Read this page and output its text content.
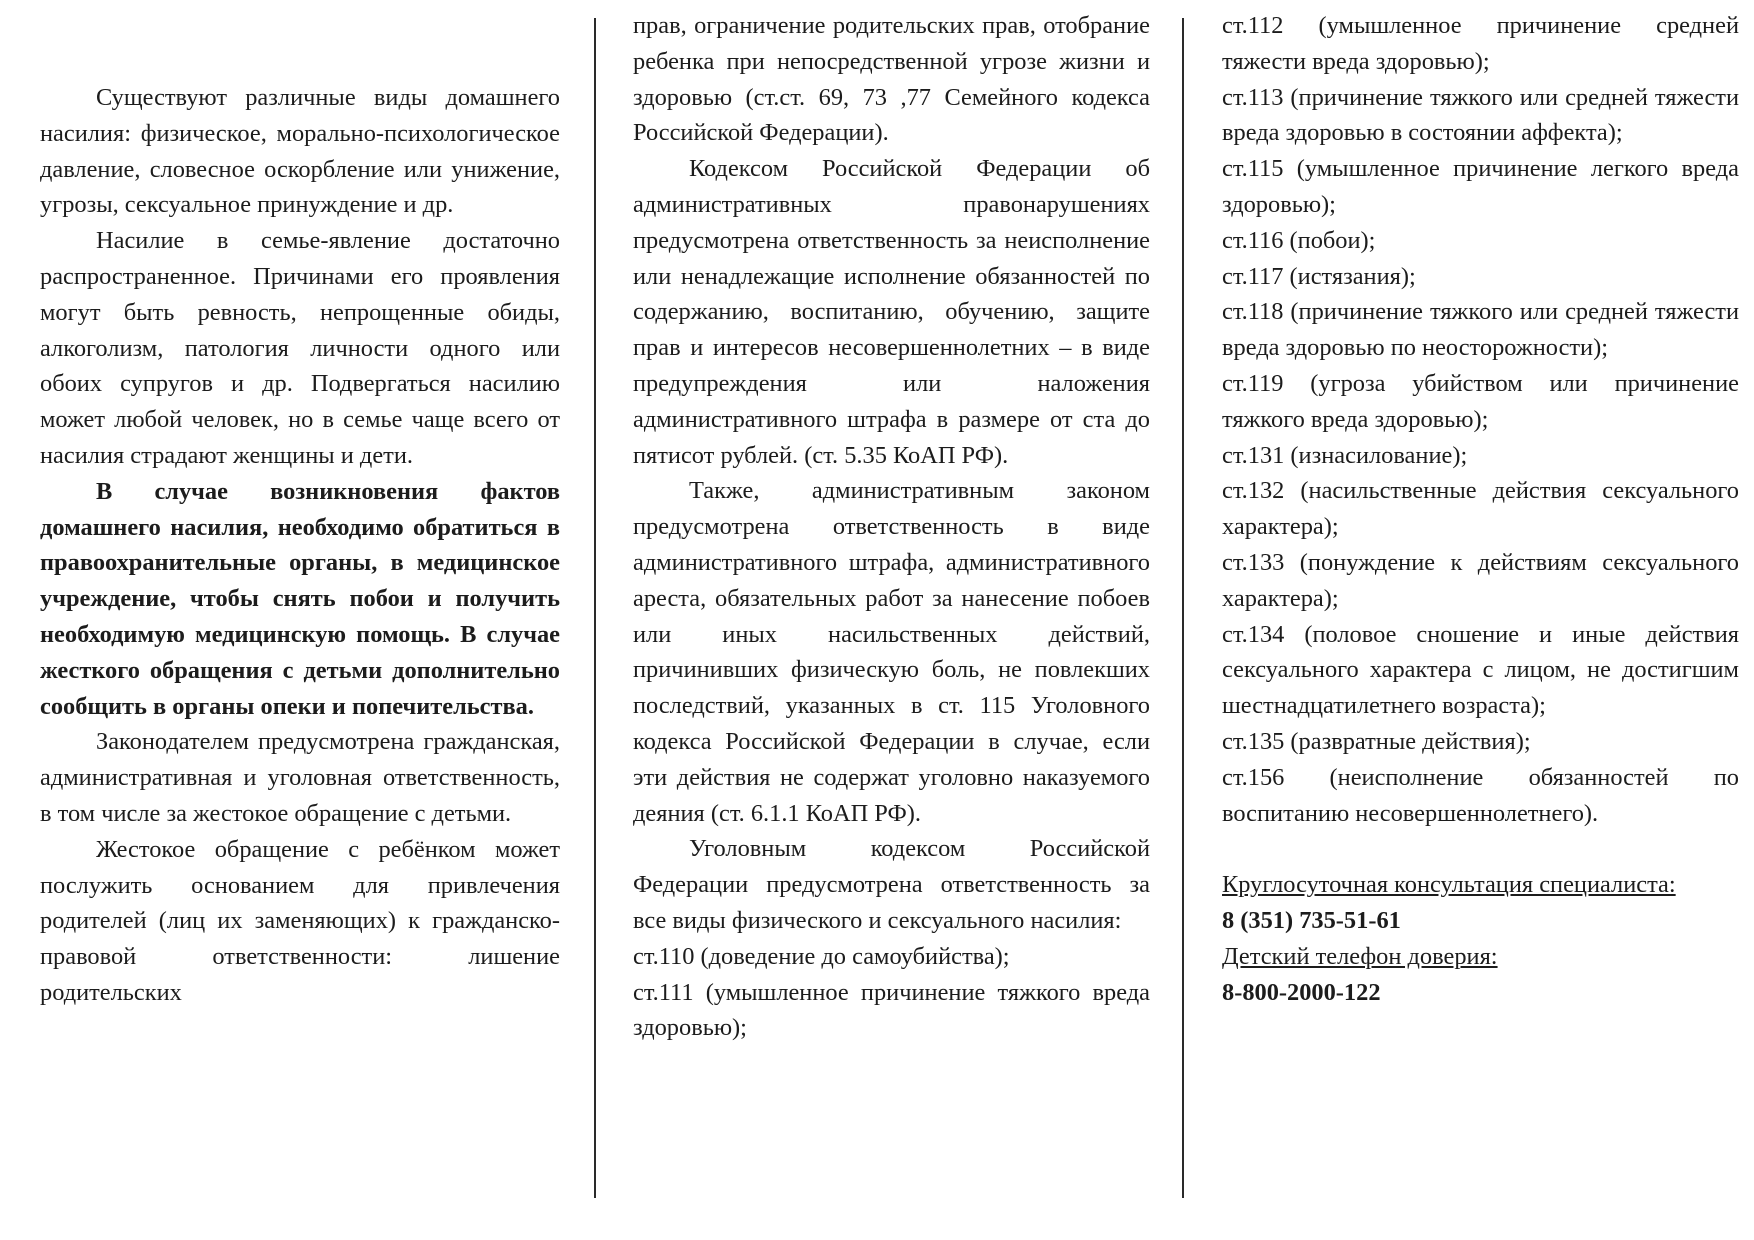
Существуют различные виды домашнего насилия: физическое, морально-психологическое давление, словесное оскорбление или унижение, угрозы, сексуальное принуждение и др.

Насилие в семье-явление достаточно распространенное. Причинами его проявления могут быть ревность, непрощенные обиды, алкоголизм, патология личности одного или обоих супругов и др. Подвергаться насилию может любой человек, но в семье чаще всего от насилия страдают женщины и дети.

В случае возникновения фактов домашнего насилия, необходимо обратиться в правоохранительные органы, в медицинское учреждение, чтобы снять побои и получить необходимую медицинскую помощь. В случае жесткого обращения с детьми дополнительно сообщить в органы опеки и попечительства.

Законодателем предусмотрена гражданская, административная и уголовная ответственность, в том числе за жестокое обращение с детьми.

Жестокое обращение с ребёнком может послужить основанием для привлечения родителей (лиц их заменяющих) к гражданско-правовой ответственности: лишение родительских

прав, ограничение родительских прав, отобрание ребенка при непосредственной угрозе жизни и здоровью (ст.ст. 69, 73 ,77 Семейного кодекса Российской Федерации).

Кодексом Российской Федерации об административных правонарушениях предусмотрена ответственность за неисполнение или ненадлежащие исполнение обязанностей по содержанию, воспитанию, обучению, защите прав и интересов несовершеннолетних – в виде предупреждения или наложения административного штрафа в размере от ста до пятисот рублей. (ст. 5.35 КоАП РФ).

Также, административным законом предусмотрена ответственность в виде административного штрафа, административного ареста, обязательных работ за нанесение побоев или иных насильственных действий, причинивших физическую боль, не повлекших последствий, указанных в ст. 115 Уголовного кодекса Российской Федерации в случае, если эти действия не содержат уголовно наказуемого деяния (ст. 6.1.1 КоАП РФ).

Уголовным кодексом Российской Федерации предусмотрена ответственность за все виды физического и сексуального насилия:

ст.110 (доведение до самоубийства);

ст.111 (умышленное причинение тяжкого вреда здоровью);

ст.112 (умышленное причинение средней тяжести вреда здоровью);

ст.113 (причинение тяжкого или средней тяжести вреда здоровью в состоянии аффекта);

ст.115 (умышленное причинение легкого вреда здоровью);

ст.116 (побои);

ст.117 (истязания);

ст.118 (причинение тяжкого или средней тяжести вреда здоровью по неосторожности);

ст.119 (угроза убийством или причинение тяжкого вреда здоровью);

ст.131 (изнасилование);

ст.132 (насильственные действия сексуального характера);

ст.133 (понуждение к действиям сексуального характера);

ст.134 (половое сношение и иные действия сексуального характера с лицом, не достигшим шестнадцатилетнего возраста);

ст.135 (развратные действия);

ст.156 (неисполнение обязанностей по воспитанию несовершеннолетнего).

Круглосуточная консультация специалиста:
8 (351) 735-51-61
Детский телефон доверия:
8-800-2000-122
